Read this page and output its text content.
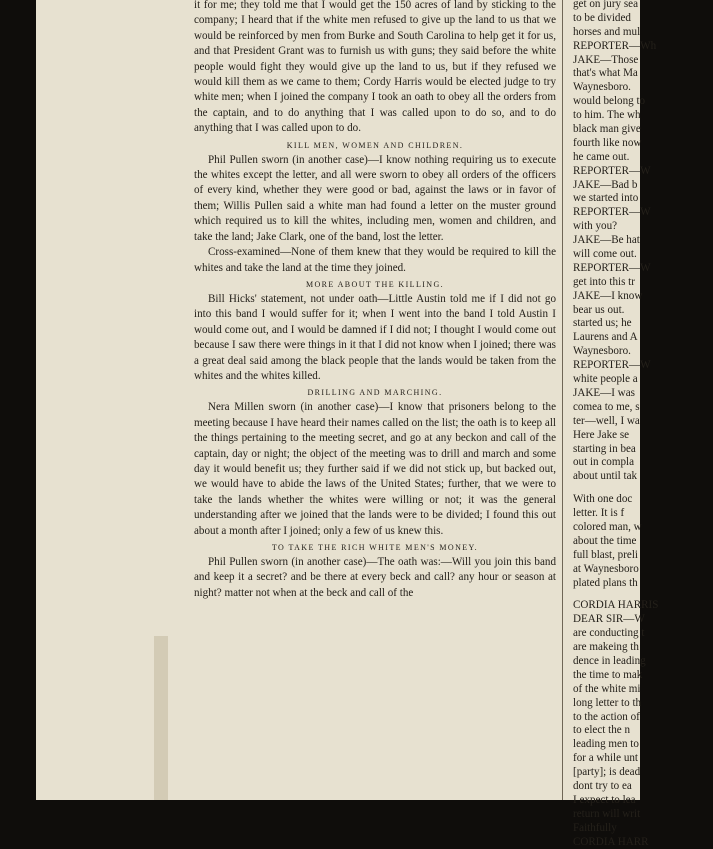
it for me; they told me that I would get the 150 acres of land by sticking to the company; I heard that if the white men refused to give up the land to us that we would be reinforced by men from Burke and South Carolina to help get it for us, and that President Grant was to furnish us with guns; they said before the white people would fight they would give up the land to us, but if they refused we would kill them as we came to them; Cordy Harris would be elected judge to try white men; when I joined the company I took an oath to obey all the orders from the captain, and to do anything that I was called upon to do so, and to do anything that I was called upon to do.

KILL MEN, WOMEN AND CHILDREN.

Phil Pullen sworn (in another case)—I know nothing requiring us to execute the whites except the letter, and all were sworn to obey all orders of the officers of every kind, whether they were good or bad, against the laws or in favor of them; Willis Pullen said a white man had found a letter on the muster ground which required us to kill the whites, including men, women and children, and take the land; Jake Clark, one of the band, lost the letter.

Cross-examined—None of them knew that they would be required to kill the whites and take the land at the time they joined.

MORE ABOUT THE KILLING.

Bill Hicks' statement, not under oath—Little Austin told me if I did not go into this band I would suffer for it; when I went into the band I told Austin I would come out, and I would be damned if I did not; I thought I would come out because I saw there were things in it that I did not know when I joined; there was a great deal said among the black people that the lands would be taken from the whites and the whites killed.

DRILLING AND MARCHING.

Nera Millen sworn (in another case)—I know that prisoners belong to the meeting because I have heard their names called on the list; the oath is to keep all the things pertaining to the meeting secret, and go at any beckon and call of the captain, day or night; the object of the meeting was to drill and march and some day it would benefit us; they further said if we did not stick up, but backed out, we would have to abide the laws of the United States; further, that we were to take the lands whether the whites were willing or not; it was the general understanding after we joined that the lands were to be divided; I found this out about a month after I joined; only a few of us knew this.

TO TAKE THE RICH WHITE MEN'S MONEY.

Phil Pullen sworn (in another case)—The oath was:—Will you join this band and keep it a secret? and be there at every beck and call? any hour or season at night? matter not when at the beck and call of the

get on jury sea
to be divided
horses and mul
REPORTER—Wh
JAKE—Those
that's what Ma
Waynesboro.
would belong to
to him. The wh
black man give
fourth like now
he came out.
REPORTER—W
JAKE—Bad b
we started into
REPORTER—W
with you?
JAKE—Be hat
will come out.
REPORTER—W
get into this tr
JAKE—I know
bear us out.
started us; he
Laurens and A
Waynesboro.
REPORTER—W
white people a
JAKE—I was
comea to me, s
ter—well, I wa
Here Jake se
starting in bea
out in compla
about until tak
With one doc
letter. It is f
colored man, w
about the time
full blast, preli
at Waynesboro
plated plans th
CORDIA HARRIS
DEAR SIR—W
are conducting t
are makeing th
dence in leading
the time to mak
of the white mi
long letter to th
to the action of
to elect the n
leading men to
for a while unt
[party]; is dead
dont try to ea
I expect to lea
return will writ
Faithfully
CORDIA HARR
